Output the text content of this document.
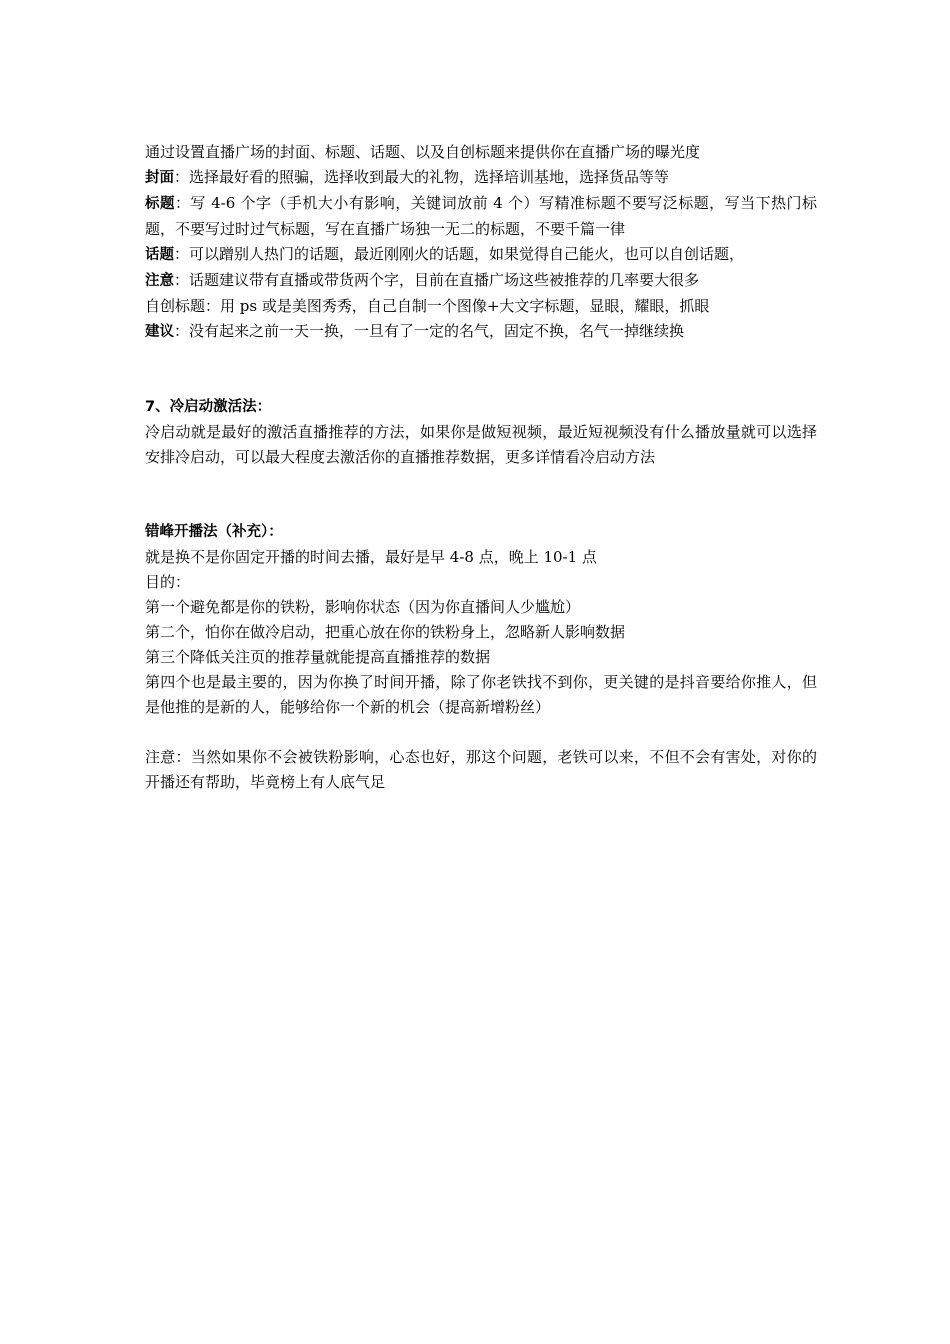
通过设置直播广场的封面、标题、话题、以及自创标题来提供你在直播广场的曝光度
封面：选择最好看的照骗，选择收到最大的礼物，选择培训基地，选择货品等等
标题：写 4-6 个字（手机大小有影响，关键词放前 4 个）写精准标题不要写泛标题，写当下热门标题，不要写过时过气标题，写在直播广场独一无二的标题，不要千篇一律
话题：可以蹭别人热门的话题，最近刚刚火的话题，如果觉得自己能火，也可以自创话题，
注意：话题建议带有直播或带货两个字，目前在直播广场这些被推荐的几率要大很多
自创标题：用 ps 或是美图秀秀，自己自制一个图像+大文字标题，显眼，耀眼，抓眼
建议：没有起来之前一天一换，一旦有了一定的名气，固定不换，名气一掉继续换
7、冷启动激活法：
冷启动就是最好的激活直播推荐的方法，如果你是做短视频，最近短视频没有什么播放量就可以选择安排冷启动，可以最大程度去激活你的直播推荐数据，更多详情看冷启动方法
错峰开播法（补充）：
就是换不是你固定开播的时间去播，最好是早 4-8 点，晚上 10-1 点
目的：
第一个避免都是你的铁粉，影响你状态（因为你直播间人少尴尬）
第二个，怕你在做冷启动，把重心放在你的铁粉身上，忽略新人影响数据
第三个降低关注页的推荐量就能提高直播推荐的数据
第四个也是最主要的，因为你换了时间开播，除了你老铁找不到你，更关键的是抖音要给你推人，但是他推的是新的人，能够给你一个新的机会（提高新增粉丝）
注意：当然如果你不会被铁粉影响，心态也好，那这个问题，老铁可以来，不但不会有害处，对你的开播还有帮助，毕竟榜上有人底气足
